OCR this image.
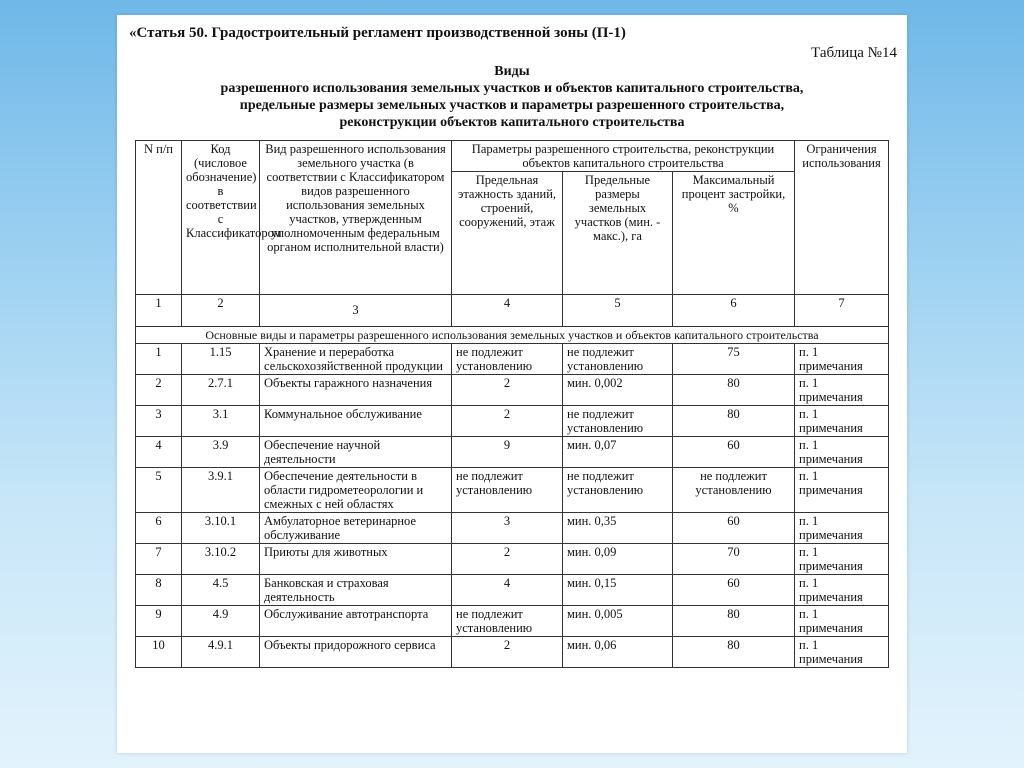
«Статья 50. Градостроительный регламент производственной зоны (П-1)
Таблица №14
Виды
разрешенного использования земельных участков и объектов капитального строительства,
предельные размеры земельных участков и параметры разрешенного строительства,
реконструкции объектов капитального строительства
N п/п	Код (числовое обозначение) в соответствии с Классификатором	Вид разрешенного использования земельного участка (в соответствии с Классификатором видов разрешенного использования земельных участков, утвержденным уполномоченным федеральным органом исполнительной власти)	Параметры разрешенного строительства, реконструкции объектов капитального строительства			Ограничения использования
			Предельная этажность зданий, строений, сооружений, этаж	Предельные размеры земельных участков (мин. - макс.), га	Максимальный процент застройки, %	
1	2	3	4	5	6	7
Основные виды и параметры разрешенного использования земельных участков и объектов капитального строительства						
1	1.15	Хранение и переработка сельскохозяйственной продукции	не подлежит установлению	не подлежит установлению	75	п. 1 примечания
2	2.7.1	Объекты гаражного назначения	2	мин. 0,002	80	п. 1 примечания
3	3.1	Коммунальное обслуживание	2	не подлежит установлению	80	п. 1 примечания
4	3.9	Обеспечение научной деятельности	9	мин. 0,07	60	п. 1 примечания
5	3.9.1	Обеспечение деятельности в области гидрометеорологии и смежных с ней областях	не подлежит установлению	не подлежит установлению	не подлежит установлению	п. 1 примечания
6	3.10.1	Амбулаторное ветеринарное обслуживание	3	мин. 0,35	60	п. 1 примечания
7	3.10.2	Приюты для животных	2	мин. 0,09	70	п. 1 примечания
8	4.5	Банковская и страховая деятельность	4	мин. 0,15	60	п. 1 примечания
9	4.9	Обслуживание автотранспорта	не подлежит установлению	мин. 0,005	80	п. 1 примечания
10	4.9.1	Объекты придорожного сервиса	2	мин. 0,06	80	п. 1 примечания
